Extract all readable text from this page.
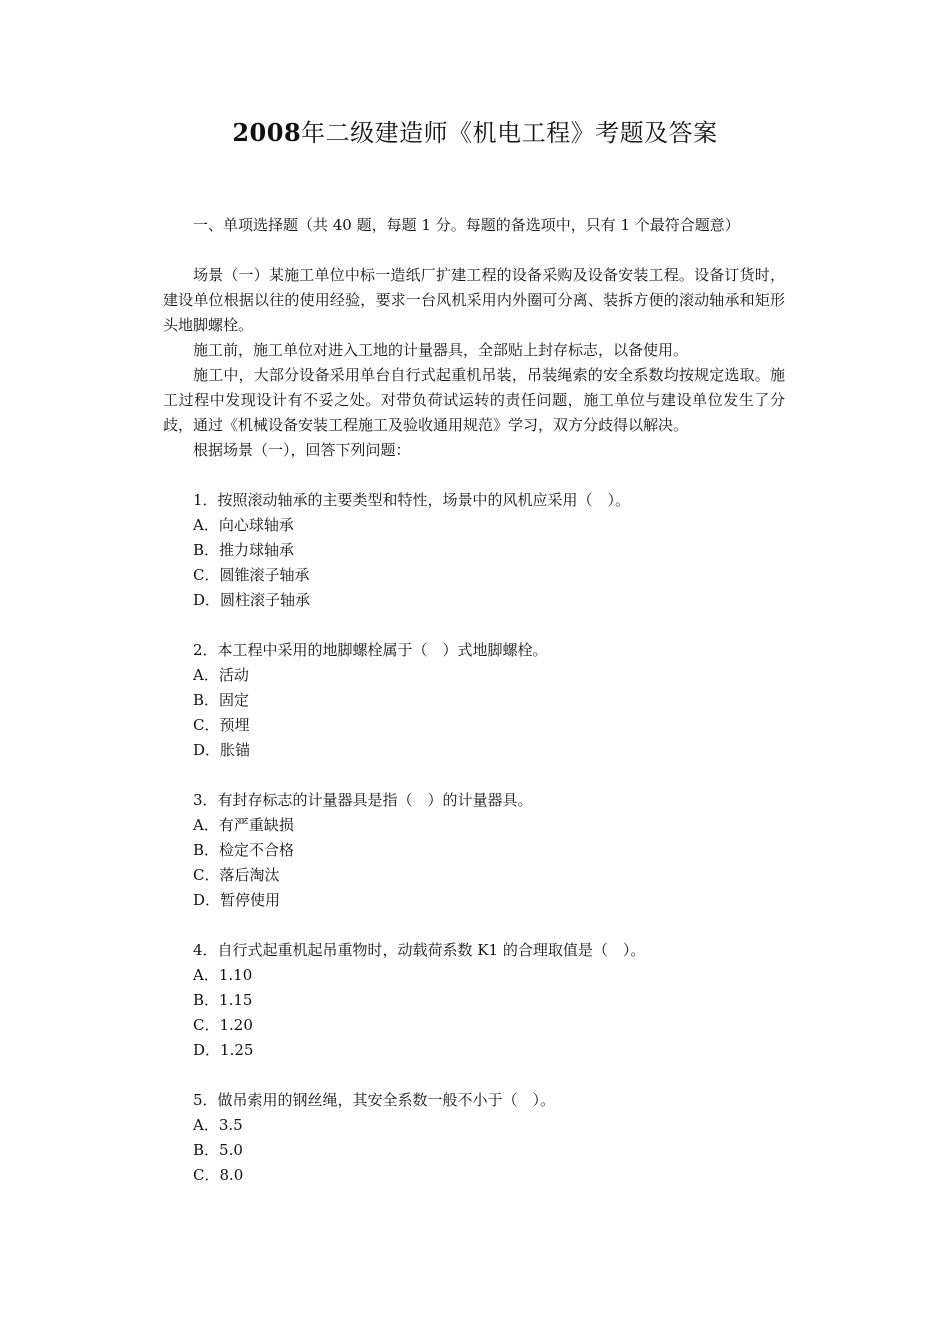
2008年二级建造师《机电工程》考题及答案

一、单项选择题（共 40 题，每题 1 分。每题的备选项中，只有 1 个最符合题意）

场景（一）某施工单位中标一造纸厂扩建工程的设备采购及设备安装工程。设备订货时，建设单位根据以往的使用经验，要求一台风机采用内外圈可分离、装拆方便的滚动轴承和矩形头地脚螺栓。

施工前，施工单位对进入工地的计量器具，全部贴上封存标志，以备使用。

施工中，大部分设备采用单台自行式起重机吊装，吊装绳索的安全系数均按规定选取。施工过程中发现设计有不妥之处。对带负荷试运转的责任问题，施工单位与建设单位发生了分歧，通过《机械设备安装工程施工及验收通用规范》学习，双方分歧得以解决。

根据场景（一），回答下列问题：

1．按照滚动轴承的主要类型和特性，场景中的风机应采用（　）。

A．向心球轴承

B．推力球轴承

C．圆锥滚子轴承

D．圆柱滚子轴承

2．本工程中采用的地脚螺栓属于（　）式地脚螺栓。

A．活动

B．固定

C．预埋

D．胀锚

3．有封存标志的计量器具是指（　）的计量器具。

A．有严重缺损

B．检定不合格

C．落后淘汰

D．暂停使用

4．自行式起重机起吊重物时，动载荷系数 K1 的合理取值是（　）。

A．1.10

B．1.15

C．1.20

D．1.25

5．做吊索用的钢丝绳，其安全系数一般不小于（　）。

A．3.5

B．5.0

C．8.0
